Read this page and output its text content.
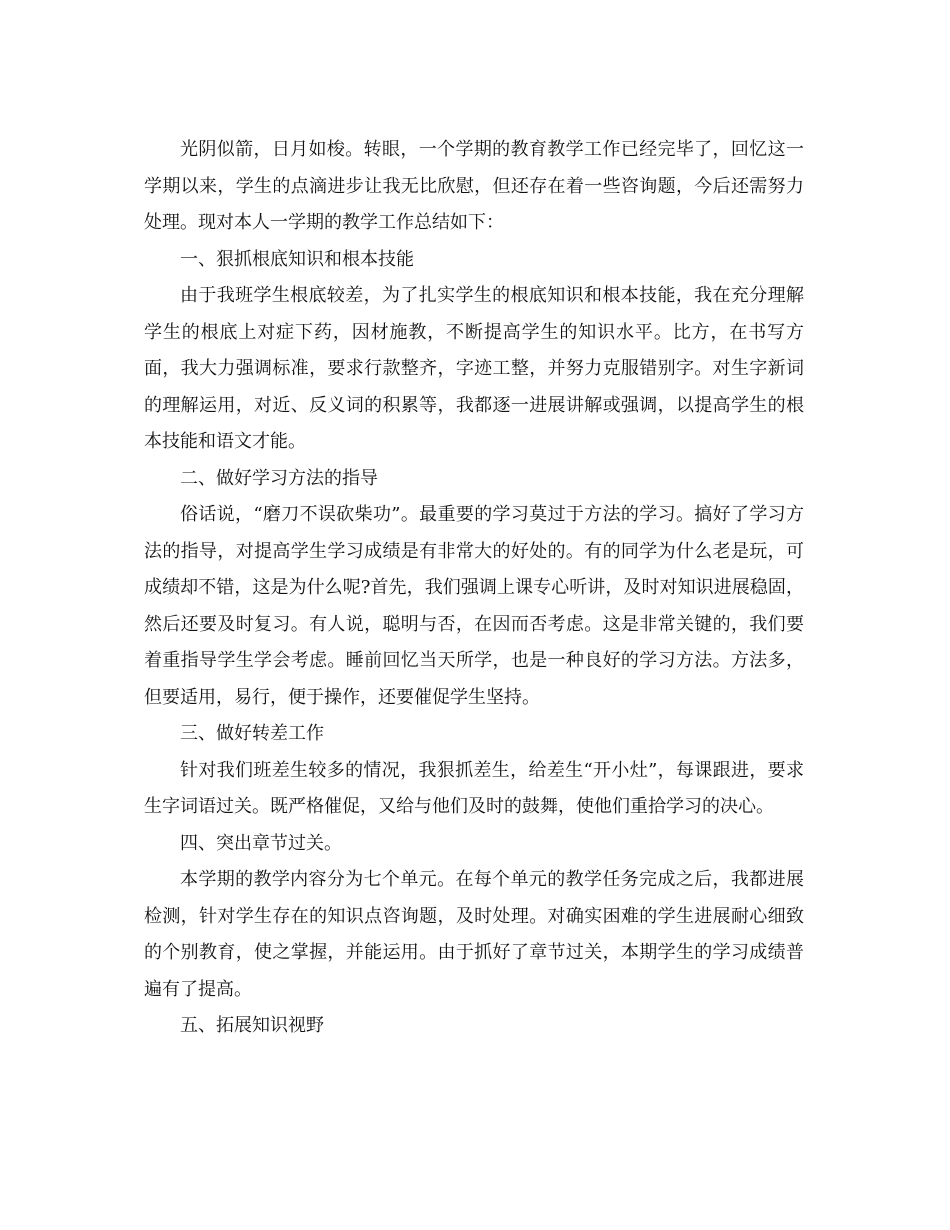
光阴似箭，日月如梭。转眼，一个学期的教育教学工作已经完毕了，回忆这一学期以来，学生的点滴进步让我无比欣慰，但还存在着一些咨询题，今后还需努力处理。现对本人一学期的教学工作总结如下：

一、狠抓根底知识和根本技能

由于我班学生根底较差，为了扎实学生的根底知识和根本技能，我在充分理解学生的根底上对症下药，因材施教，不断提高学生的知识水平。比方，在书写方面，我大力强调标准，要求行款整齐，字迹工整，并努力克服错别字。对生字新词的理解运用，对近、反义词的积累等，我都逐一进展讲解或强调，以提高学生的根本技能和语文才能。

二、做好学习方法的指导

俗话说，“磨刀不误砍柴功”。最重要的学习莫过于方法的学习。搞好了学习方法的指导，对提高学生学习成绩是有非常大的好处的。有的同学为什么老是玩，可成绩却不错，这是为什么呢?首先，我们强调上课专心听讲，及时对知识进展稳固，然后还要及时复习。有人说，聪明与否，在因而否考虑。这是非常关键的，我们要着重指导学生学会考虑。睡前回忆当天所学，也是一种良好的学习方法。方法多，但要适用，易行，便于操作，还要催促学生坚持。

三、做好转差工作

针对我们班差生较多的情况，我狠抓差生，给差生“开小灶”，每课跟进，要求生字词语过关。既严格催促，又给与他们及时的鼓舞，使他们重拾学习的决心。

四、突出章节过关。

本学期的教学内容分为七个单元。在每个单元的教学任务完成之后，我都进展检测，针对学生存在的知识点咨询题，及时处理。对确实困难的学生进展耐心细致的个别教育，使之掌握，并能运用。由于抓好了章节过关，本期学生的学习成绩普遍有了提高。

五、拓展知识视野
